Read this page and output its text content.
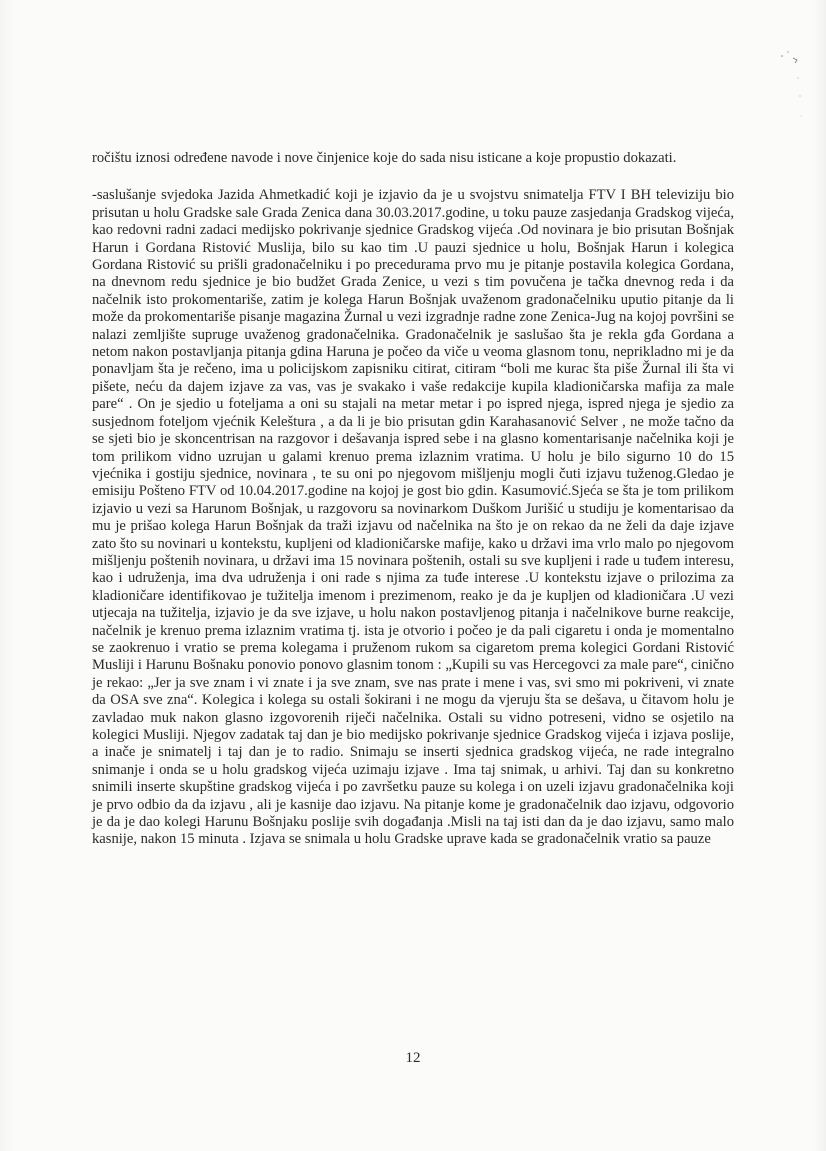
ročištu iznosi određene navode i nove činjenice koje do sada nisu isticane a koje propustio dokazati.

-saslušanje svjedoka Jazida Ahmetkadić koji je izjavio da je u svojstvu snimatelja FTV I BH televiziju bio prisutan u holu Gradske sale Grada Zenica dana 30.03.2017.godine, u toku pauze zasjedanja Gradskog vijeća, kao redovni radni zadaci medijsko pokrivanje sjednice Gradskog vijeća .Od novinara je bio prisutan Bošnjak Harun i Gordana Ristović Muslija, bilo su kao tim .U pauzi sjednice u holu, Bošnjak Harun i kolegica Gordana Ristović su prišli gradonačelniku i po precedurama prvo mu je pitanje postavila kolegica Gordana, na dnevnom redu sjednice je bio budžet Grada Zenice, u vezi s tim povučena je tačka dnevnog reda i da načelnik isto prokomentariše, zatim je kolega Harun Bošnjak uvaženom gradonačelniku uputio pitanje da li može da prokomentariše pisanje magazina Žurnal u vezi izgradnje radne zone Zenica-Jug na kojoj površini se nalazi zemljište supruge uvaženog gradonačelnika. Gradonačelnik je saslušao šta je rekla gđa Gordana a netom nakon postavljanja pitanja gdina Haruna je počeo da viče u veoma glasnom tonu, neprikladno mi je da ponavljam šta je rečeno, ima u policijskom zapisniku citirat, citiram “boli me kurac šta piše Žurnal ili šta vi pišete, neću da dajem izjave za vas, vas je svakako i vaše redakcije kupila kladioničarska mafija za male pare“ . On je sjedio u foteljama a oni su stajali na metar metar i po ispred njega, ispred njega je sjedio za susjednom foteljom vjećnik Keleštura , a da li je bio prisutan gdin Karahasanović Selver , ne može tačno da se sjeti bio je skoncentrisan na razgovor i dešavanja ispred sebe i na glasno komentarisanje načelnika koji je tom prilikom vidno uzrujan u galami krenuo prema izlaznim vratima. U holu je bilo sigurno 10 do 15 vjećnika i gostiju sjednice, novinara , te su oni po njegovom mišljenju mogli čuti izjavu tuženog.Gledao je emisiju Pošteno FTV od 10.04.2017.godine na kojoj je gost bio gdin. Kasumović.Sjeća se šta je tom prilikom izjavio u vezi sa Harunom Bošnjak, u razgovoru sa novinarkom Duškom Jurišić u studiju je komentarisao da mu je prišao kolega Harun Bošnjak da traži izjavu od načelnika na što je on rekao da ne želi da daje izjave zato što su novinari u kontekstu, kupljeni od kladioničarske mafije, kako u državi ima vrlo malo po njegovom mišljenju poštenih novinara, u državi ima 15 novinara poštenih, ostali su sve kupljeni i rade u tuđem interesu, kao i udruženja, ima dva udruženja i oni rade s njima za tuđe interese .U kontekstu izjave o prilozima za kladioničare identifikovao je tužitelja imenom i prezimenom, reako je da je kupljen od kladioničara .U vezi utjecaja na tužitelja, izjavio je da sve izjave, u holu nakon postavljenog pitanja i načelnikove burne reakcije, načelnik je krenuo prema izlaznim vratima tj. ista je otvorio i počeo je da pali cigaretu i onda je momentalno se zaokrenuo i vratio se prema kolegama i pruženom rukom sa cigaretom prema kolegici Gordani Ristović Musliji i Harunu Bošnaku ponovio ponovo glasnim tonom : „Kupili su vas Hercegovci za male pare“, cinično je rekao: „Jer ja sve znam i vi znate i ja sve znam, sve nas prate i mene i vas, svi smo mi pokriveni, vi znate da OSA sve zna“. Kolegica i kolega su ostali šokirani i ne mogu da vjeruju šta se dešava, u čitavom holu je zavladao muk nakon glasno izgovorenih riječi načelnika. Ostali su vidno potreseni, vidno se osjetilo na kolegici Musliji. Njegov zadatak taj dan je bio medijsko pokrivanje sjednice Gradskog vijeća i izjava poslije, a inače je snimatelj i taj dan je to radio. Snimaju se inserti sjednica gradskog vijeća, ne rade integralno snimanje i onda se u holu gradskog vijeća uzimaju izjave . Ima taj snimak, u arhivi. Taj dan su konkretno snimili inserte skupštine gradskog vijeća i po završetku pauze su kolega i on uzeli izjavu gradonačelnika koji je prvo odbio da da izjavu , ali je kasnije dao izjavu. Na pitanje kome je gradonačelnik dao izjavu, odgovorio je da je dao kolegi Harunu Bošnjaku poslije svih događanja .Misli na taj isti dan da je dao izjavu, samo malo kasnije, nakon 15 minuta . Izjava se snimala u holu Gradske uprave kada se gradonačelnik vratio sa pauze

12
